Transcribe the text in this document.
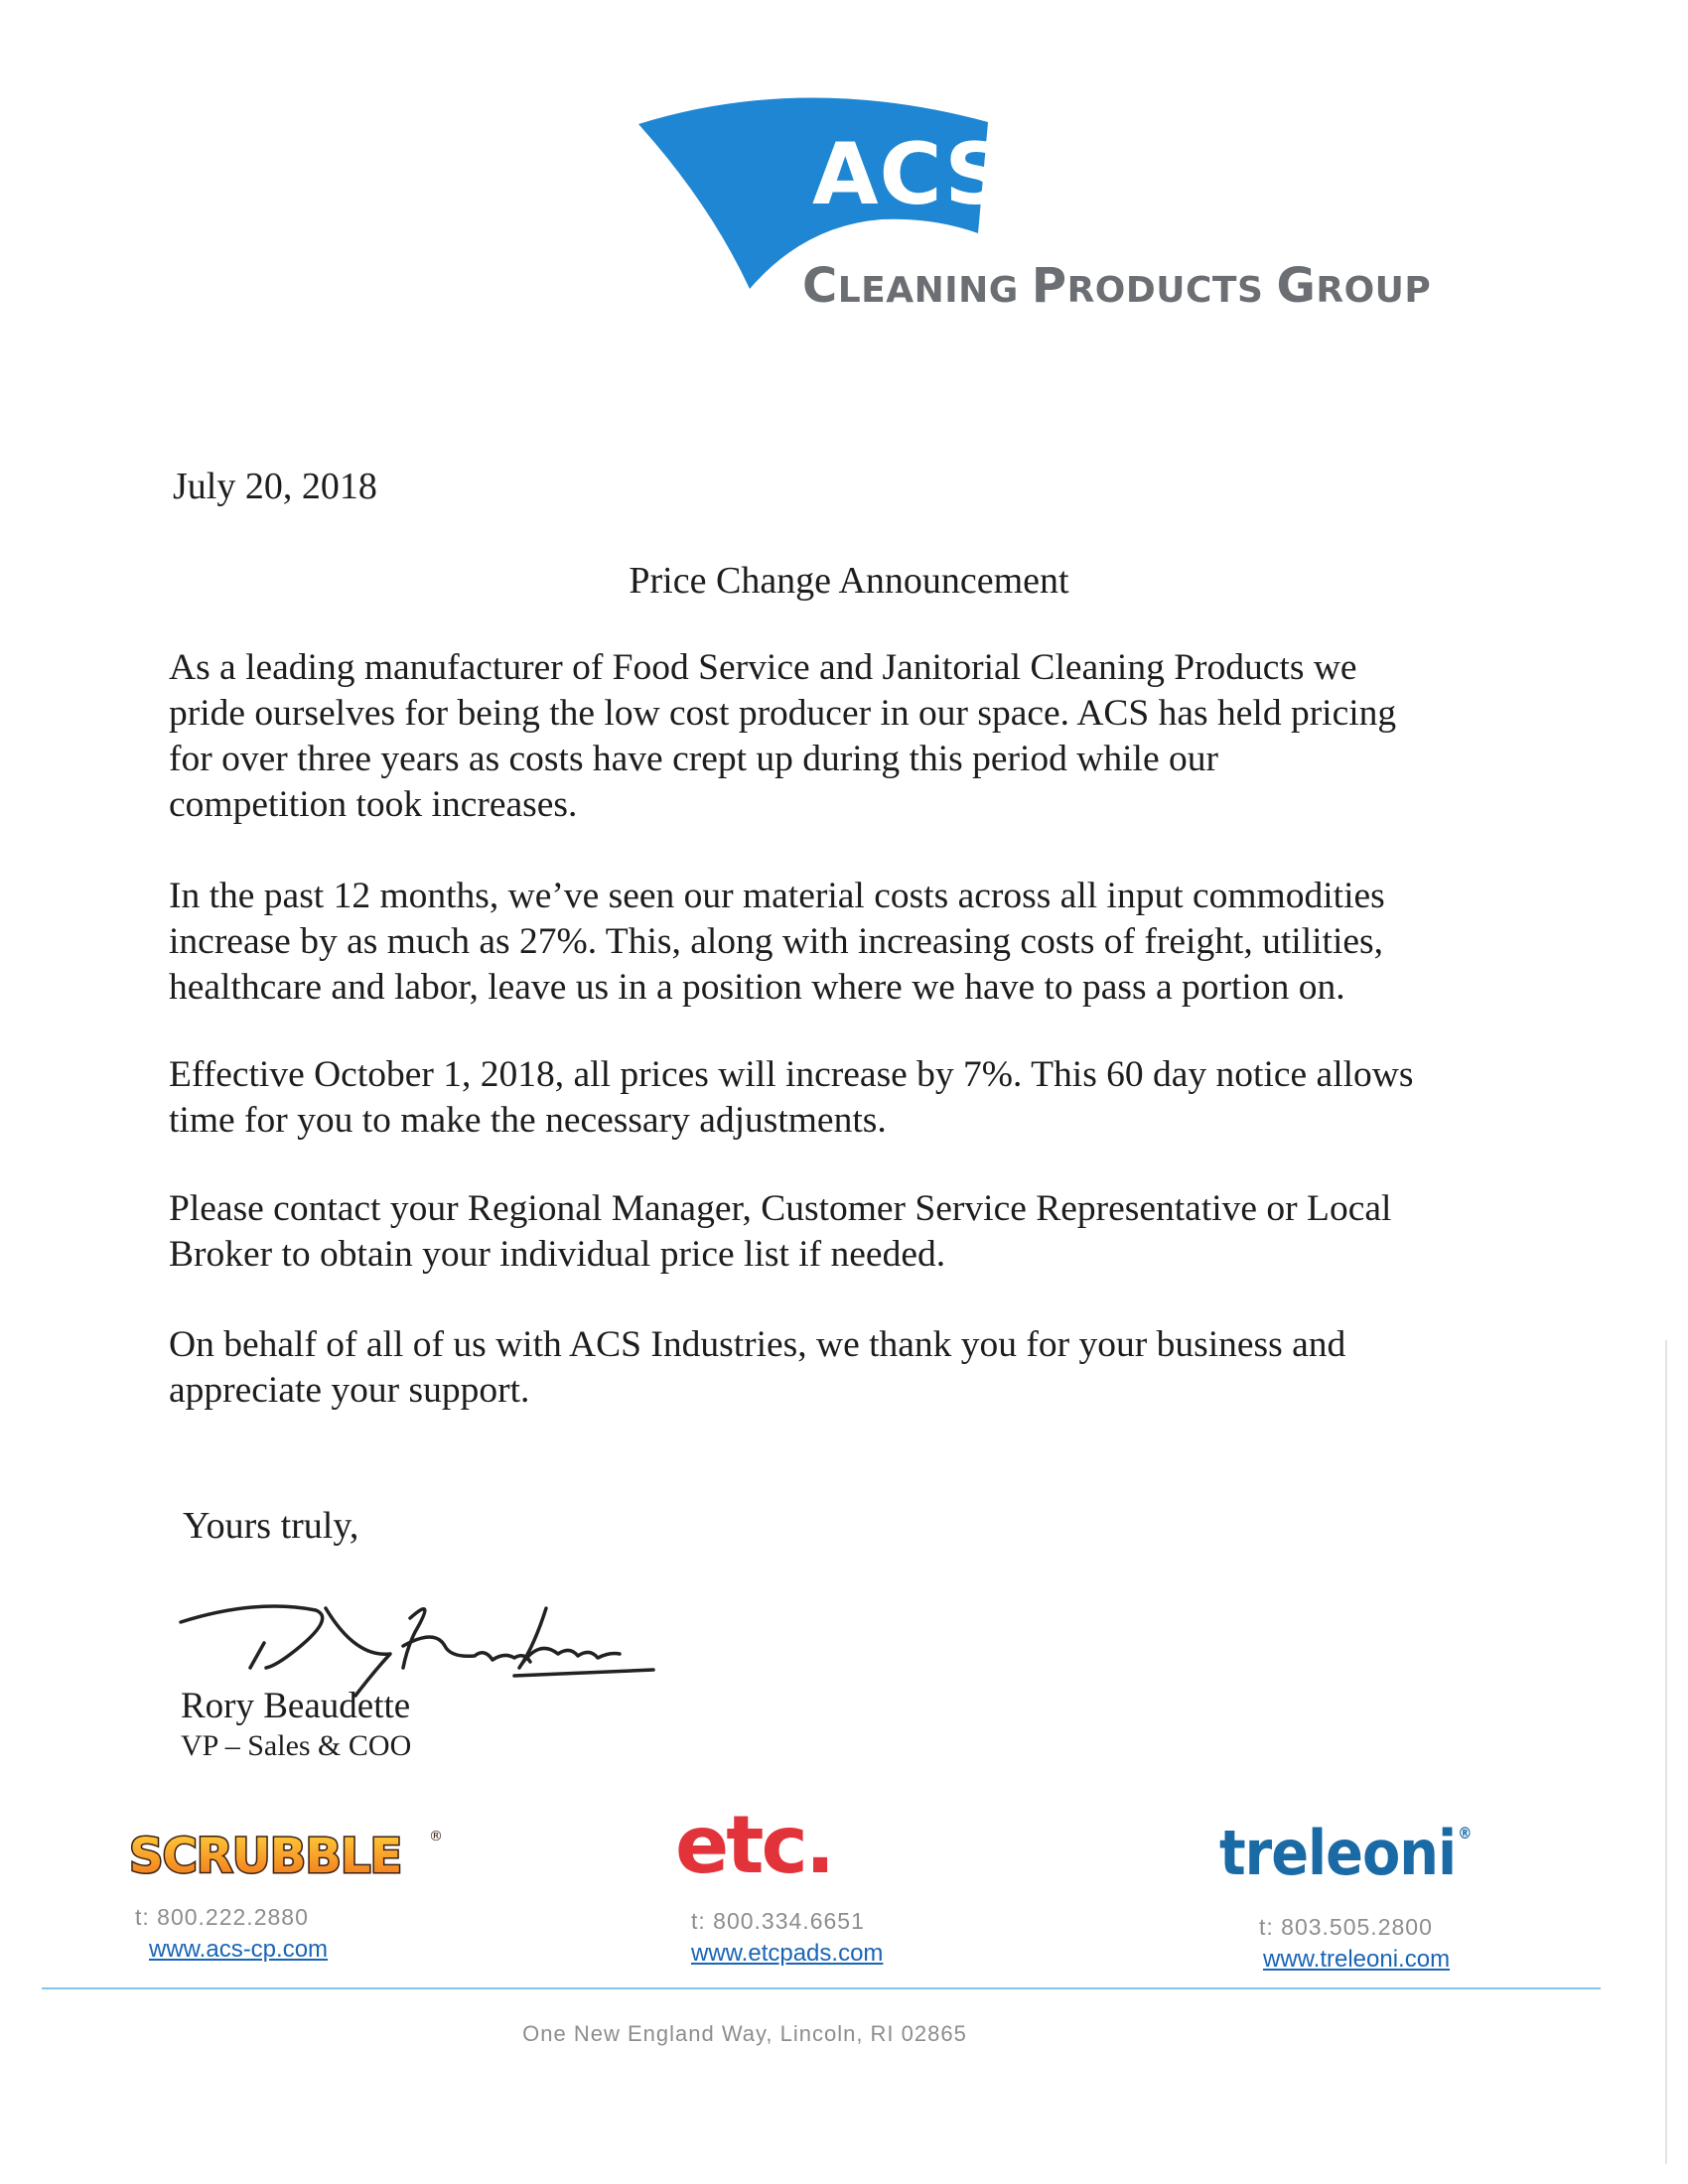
ACS
CLEANING PRODUCTS GROUP
July 20, 2018
Price Change Announcement
As a leading manufacturer of Food Service and Janitorial Cleaning Products we
pride ourselves for being the low cost producer in our space. ACS has held pricing
for over three years as costs have crept up during this period while our
competition took increases.
In the past 12 months, we’ve seen our material costs across all input commodities
increase by as much as 27%. This, along with increasing costs of freight, utilities,
healthcare and labor, leave us in a position where we have to pass a portion on.
Effective October 1, 2018, all prices will increase by 7%. This 60 day notice allows
time for you to make the necessary adjustments.
Please contact your Regional Manager, Customer Service Representative or Local
Broker to obtain your individual price list if needed.
On behalf of all of us with ACS Industries, we thank you for your business and
appreciate your support.
Yours truly,
Rory Beaudette
VP – Sales & COO
SCRUBBLE ®	etc.	treleoni ®
t: 800.222.2880
www.acs-cp.com
t: 800.334.6651
www.etcpads.com
t: 803.505.2800
www.treleoni.com
One New England Way, Lincoln, RI 02865
